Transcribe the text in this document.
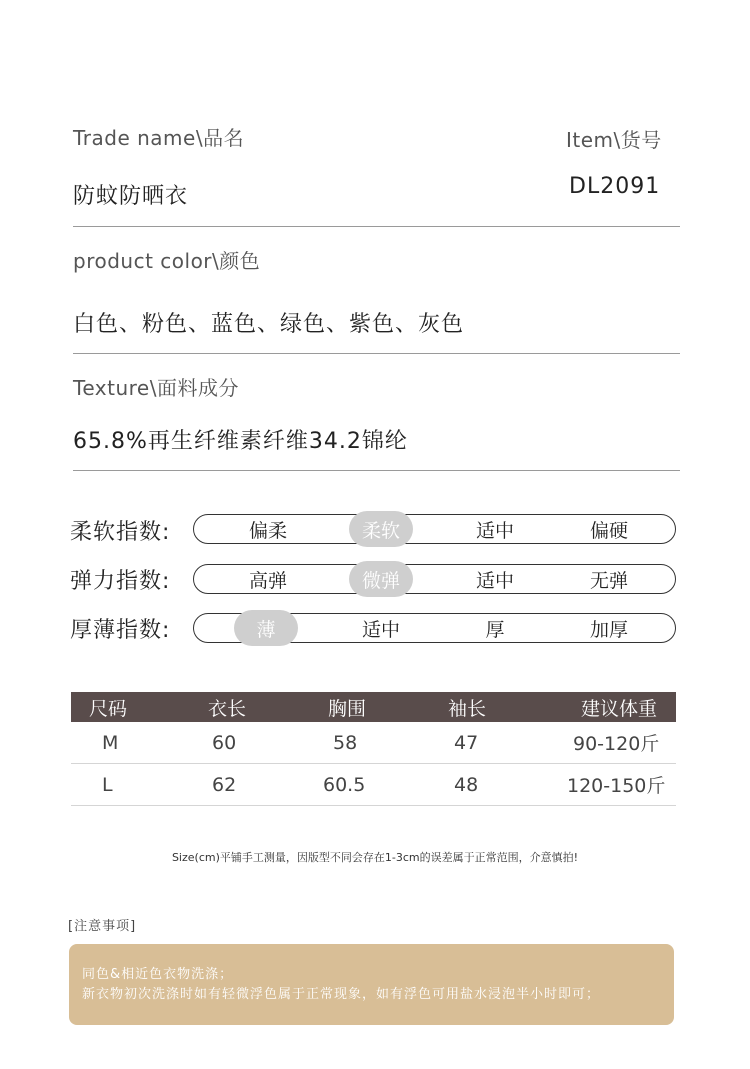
Trade name\品名	Item\货号
防蚊防晒衣	DL2091
product color\颜色
白色、粉色、蓝色、绿色、紫色、灰色
Texture\面料成分
65.8%再生纤维素纤维34.2锦纶
柔软指数:	偏柔	柔软	适中	偏硬
弹力指数:	高弹	微弹	适中	无弹
厚薄指数:	薄	适中	厚	加厚
尺码	衣长	胸围	袖长	建议体重
M	60	58	47	90-120斤
L	62	60.5	48	120-150斤
Size(cm)平铺手工测量，因版型不同会存在1-3cm的误差属于正常范围，介意慎拍!
[注意事项]
同色&相近色衣物洗涤；
新衣物初次洗涤时如有轻微浮色属于正常现象，如有浮色可用盐水浸泡半小时即可；
